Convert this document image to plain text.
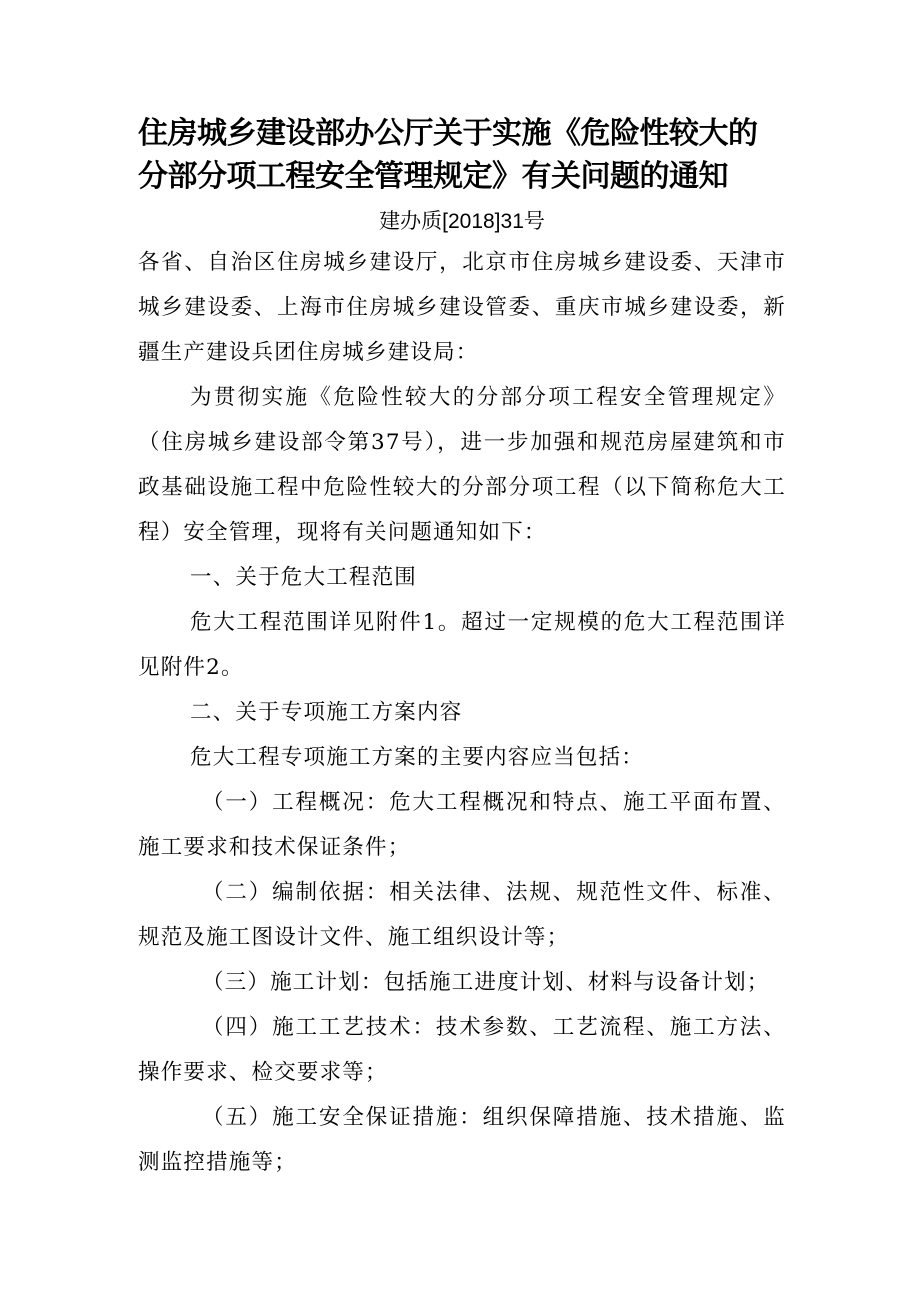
住房城乡建设部办公厅关于实施《危险性较大的分部分项工程安全管理规定》有关问题的通知

建办质[2018]31号

各省、自治区住房城乡建设厅，北京市住房城乡建设委、天津市城乡建设委、上海市住房城乡建设管委、重庆市城乡建设委，新疆生产建设兵团住房城乡建设局：

为贯彻实施《危险性较大的分部分项工程安全管理规定》（住房城乡建设部令第37号），进一步加强和规范房屋建筑和市政基础设施工程中危险性较大的分部分项工程（以下简称危大工程）安全管理，现将有关问题通知如下：

一、关于危大工程范围

危大工程范围详见附件1。超过一定规模的危大工程范围详见附件2。

二、关于专项施工方案内容

危大工程专项施工方案的主要内容应当包括：

（一）工程概况：危大工程概况和特点、施工平面布置、施工要求和技术保证条件；

（二）编制依据：相关法律、法规、规范性文件、标准、规范及施工图设计文件、施工组织设计等；

（三）施工计划：包括施工进度计划、材料与设备计划；

（四）施工工艺技术：技术参数、工艺流程、施工方法、操作要求、检交要求等；

（五）施工安全保证措施：组织保障措施、技术措施、监测监控措施等；
